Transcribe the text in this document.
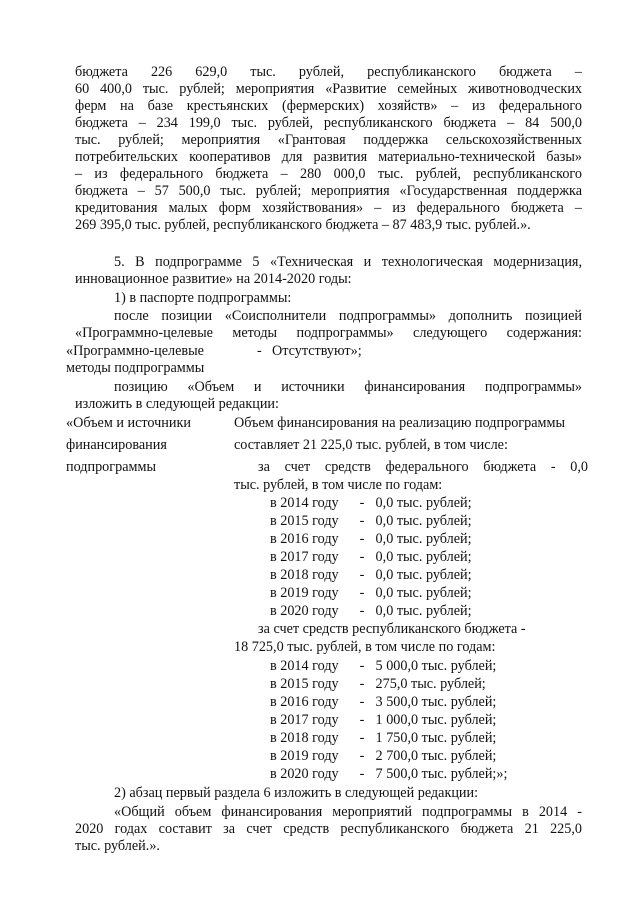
бюджета 226 629,0 тыс. рублей, республиканского бюджета –
60 400,0 тыс. рублей; мероприятия «Развитие семейных животноводческих
ферм на базе крестьянских (фермерских) хозяйств» – из федерального
бюджета – 234 199,0 тыс. рублей, республиканского бюджета – 84 500,0
тыс. рублей; мероприятия «Грантовая поддержка сельскохозяйственных
потребительских кооперативов для развития материально-технической базы»
– из федерального бюджета – 280 000,0 тыс. рублей, республиканского
бюджета – 57 500,0 тыс. рублей; мероприятия «Государственная поддержка
кредитования малых форм хозяйствования» – из федерального бюджета –
269 395,0 тыс. рублей, республиканского бюджета – 87 483,9 тыс. рублей.».
5. В подпрограмме 5 «Техническая и технологическая модернизация,
инновационное развитие» на 2014-2020 годы:
1) в паспорте подпрограммы:
после позиции «Соисполнители подпрограммы» дополнить позицией
«Программно-целевые методы подпрограммы» следующего содержания:
«Программно-целевые	- Отсутствуют»;
методы подпрограммы
позицию «Объем и источники финансирования подпрограммы»
изложить в следующей редакции:
«Объем и источники
финансирования
подпрограммы
Объем финансирования на реализацию подпрограммы
составляет 21 225,0 тыс. рублей, в том числе:
за счет средств федерального бюджета - 0,0
тыс. рублей, в том числе по годам:
в 2014 году - 0,0 тыс. рублей;
в 2015 году - 0,0 тыс. рублей;
в 2016 году - 0,0 тыс. рублей;
в 2017 году - 0,0 тыс. рублей;
в 2018 году - 0,0 тыс. рублей;
в 2019 году - 0,0 тыс. рублей;
в 2020 году - 0,0 тыс. рублей;
за счет средств республиканского бюджета -
18 725,0 тыс. рублей, в том числе по годам:
в 2014 году - 5 000,0 тыс. рублей;
в 2015 году - 275,0 тыс. рублей;
в 2016 году - 3 500,0 тыс. рублей;
в 2017 году - 1 000,0 тыс. рублей;
в 2018 году - 1 750,0 тыс. рублей;
в 2019 году - 2 700,0 тыс. рублей;
в 2020 году - 7 500,0 тыс. рублей;»;
2) абзац первый раздела 6 изложить в следующей редакции:
«Общий объем финансирования мероприятий подпрограммы в 2014 -
2020 годах составит за счет средств республиканского бюджета 21 225,0
тыс. рублей.».
